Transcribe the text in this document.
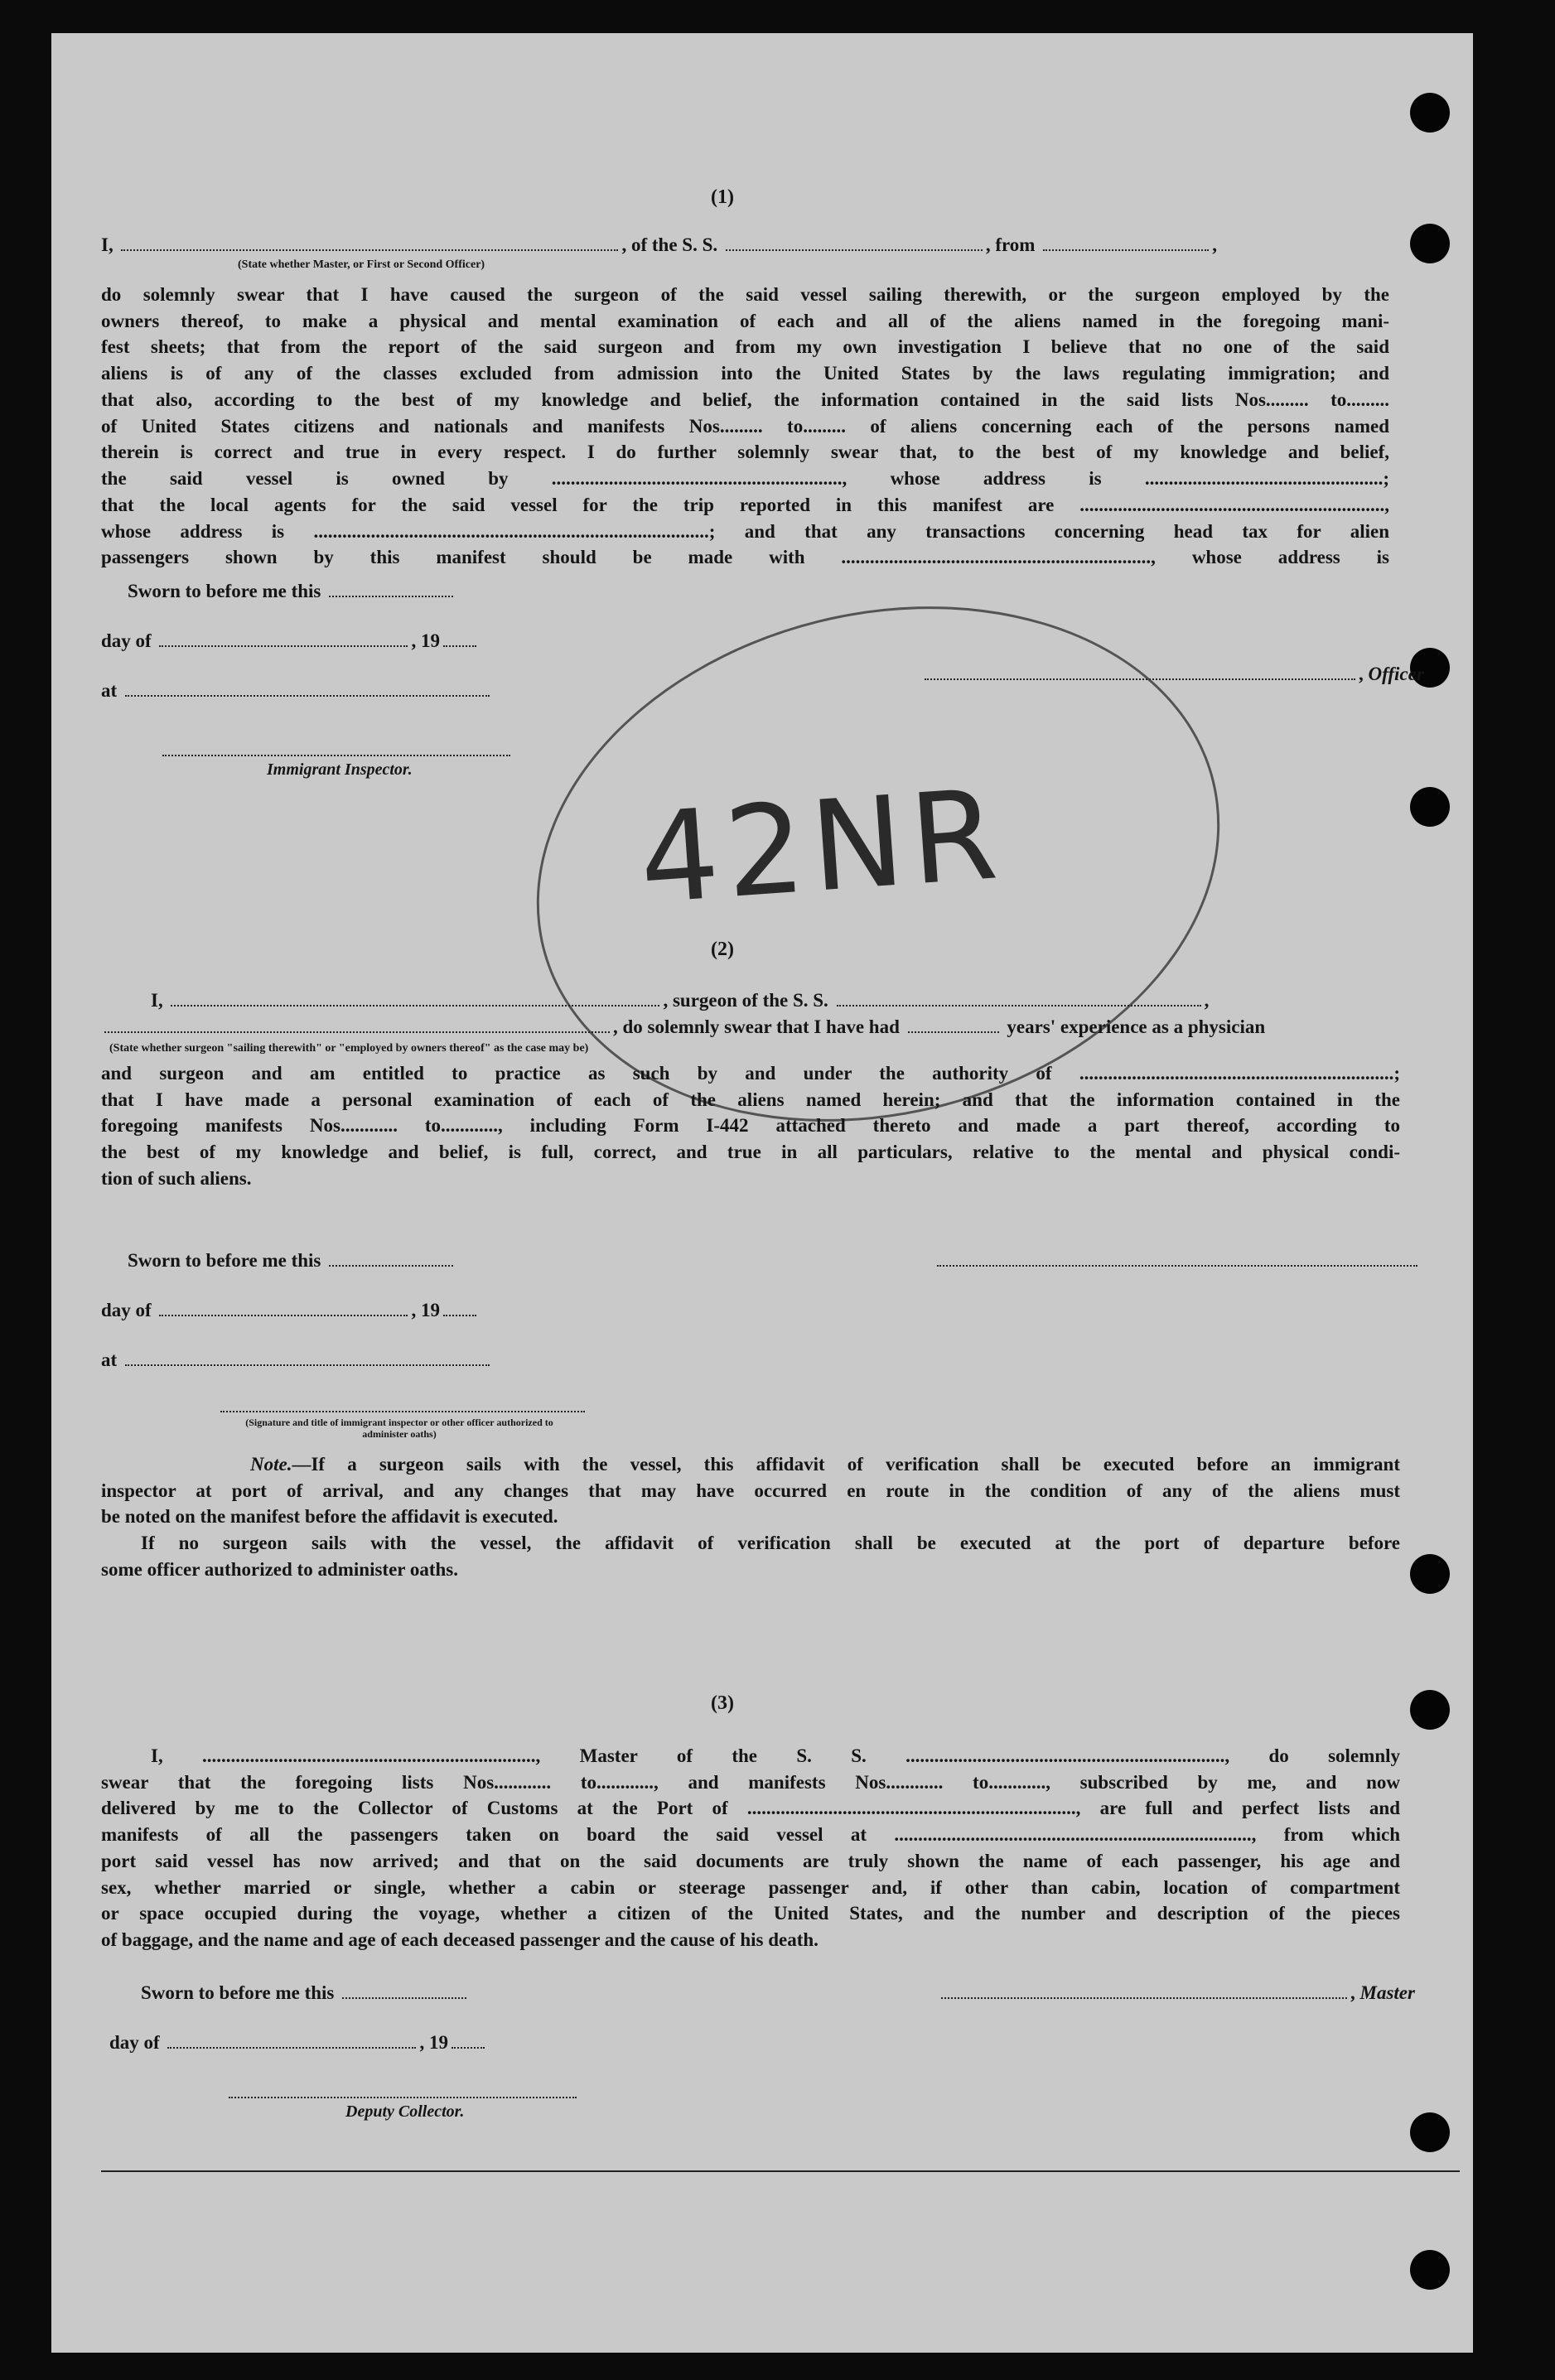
(1)
I,	, of the S. S.	, from	,
(State whether Master, or First or Second Officer)

do solemnly swear that I have caused the surgeon of the said vessel sailing therewith, or the surgeon employed by the

owners thereof, to make a physical and mental examination of each and all of the aliens named in the foregoing mani-

fest sheets; that from the report of the said surgeon and from my own investigation I believe that no one of the said

aliens is of any of the classes excluded from admission into the United States by the laws regulating immigration; and

that also, according to the best of my knowledge and belief, the information contained in the said lists Nos......... to.........

of United States citizens and nationals and manifests Nos......... to......... of aliens concerning each of the persons named

therein is correct and true in every respect. I do further solemnly swear that, to the best of my knowledge and belief,

the said vessel is owned by ............................................................., whose address is ..................................................;

that the local agents for the said vessel for the trip reported in this manifest are ................................................................,

whose address is ...................................................................................; and that any transactions concerning head tax for alien

passengers shown by this manifest should be made with ................................................................., whose address is

Sworn to before me this
day of	, 19
, Officer
at
Immigrant Inspector.	42NR
(2)
I,	, surgeon of the S. S.	,
, do solemnly swear that I have had	years' experience as a physician
(State whether surgeon "sailing therewith" or "employed by owners thereof" as the case may be)

and surgeon and am entitled to practice as such by and under the authority of ..................................................................;

that I have made a personal examination of each of the aliens named herein; and that the information contained in the

foregoing manifests Nos............ to............, including Form I-442 attached thereto and made a part thereof, according to

the best of my knowledge and belief, is full, correct, and true in all particulars, relative to the mental and physical condi-

tion of such aliens.

Sworn to before me this
day of	, 19
at
(Signature and title of immigrant inspector or other officer authorized to administer oaths)

Note.—If a surgeon sails with the vessel, this affidavit of verification shall be executed before an immigrant

inspector at port of arrival, and any changes that may have occurred en route in the condition of any of the aliens must

be noted on the manifest before the affidavit is executed.

If no surgeon sails with the vessel, the affidavit of verification shall be executed at the port of departure before

some officer authorized to administer oaths.

(3)

I, ......................................................................, Master of the S. S. ..................................................................., do solemnly

swear that the foregoing lists Nos............ to............, and manifests Nos............ to............, subscribed by me, and now

delivered by me to the Collector of Customs at the Port of ....................................................................., are full and perfect lists and

manifests of all the passengers taken on board the said vessel at ..........................................................................., from which

port said vessel has now arrived; and that on the said documents are truly shown the name of each passenger, his age and

sex, whether married or single, whether a cabin or steerage passenger and, if other than cabin, location of compartment

or space occupied during the voyage, whether a citizen of the United States, and the number and description of the pieces

of baggage, and the name and age of each deceased passenger and the cause of his death.

Sworn to before me this	, Master
day of	, 19
Deputy Collector.
